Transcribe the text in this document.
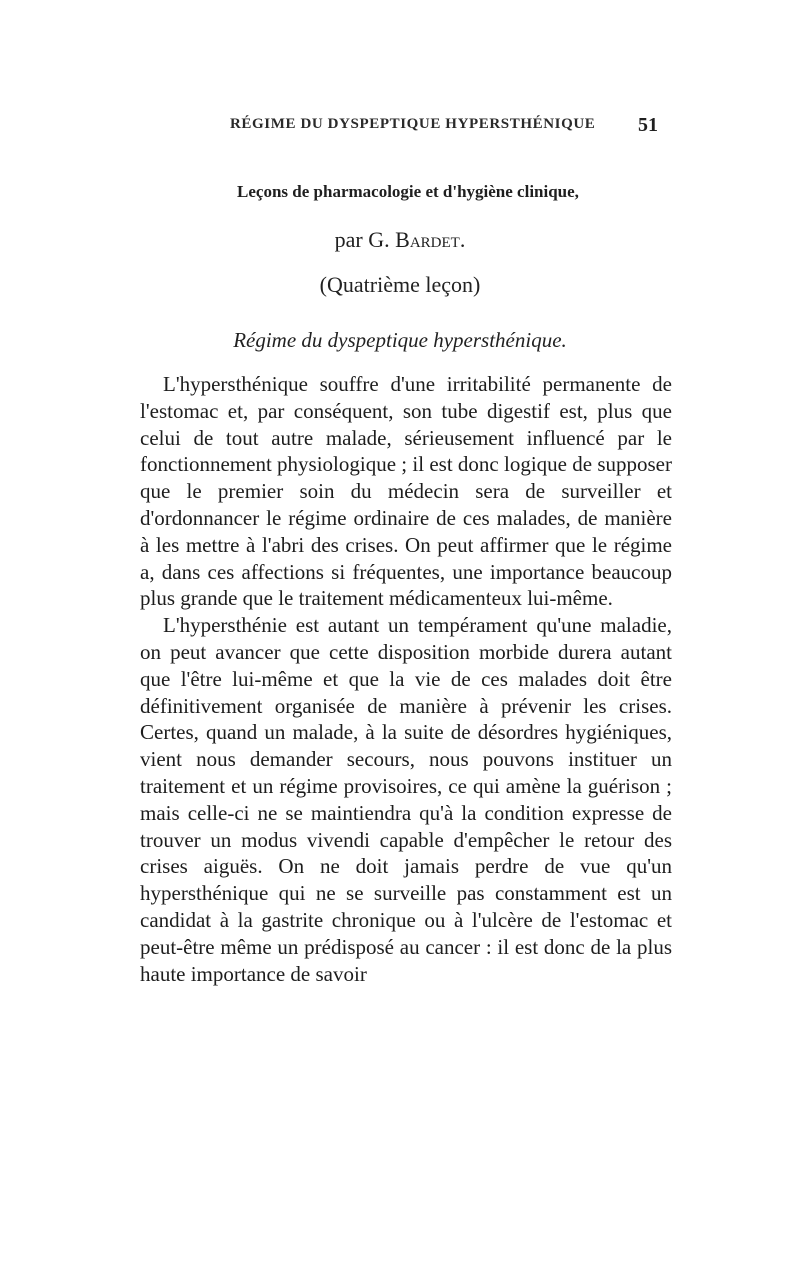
RÉGIME DU DYSPEPTIQUE HYPERSTHÉNIQUE 51
Leçons de pharmacologie et d'hygiène clinique,
par G. Bardet.
(Quatrième leçon)
Régime du dyspeptique hypersthénique.

L'hypersthénique souffre d'une irritabilité permanente de l'estomac et, par conséquent, son tube digestif est, plus que celui de tout autre malade, sérieusement influencé par le fonctionnement physiologique ; il est donc logique de supposer que le premier soin du médecin sera de surveiller et d'ordonnancer le régime ordinaire de ces malades, de manière à les mettre à l'abri des crises. On peut affirmer que le régime a, dans ces affections si fréquentes, une importance beaucoup plus grande que le traitement médicamenteux lui-même.

L'hypersthénie est autant un tempérament qu'une maladie, on peut avancer que cette disposition morbide durera autant que l'être lui-même et que la vie de ces malades doit être définitivement organisée de manière à prévenir les crises. Certes, quand un malade, à la suite de désordres hygiéniques, vient nous demander secours, nous pouvons instituer un traitement et un régime provisoires, ce qui amène la guérison ; mais celle-ci ne se maintiendra qu'à la condition expresse de trouver un modus vivendi capable d'empêcher le retour des crises aiguës. On ne doit jamais perdre de vue qu'un hypersthénique qui ne se surveille pas constamment est un candidat à la gastrite chronique ou à l'ulcère de l'estomac et peut-être même un prédisposé au cancer : il est donc de la plus haute importance de savoir
